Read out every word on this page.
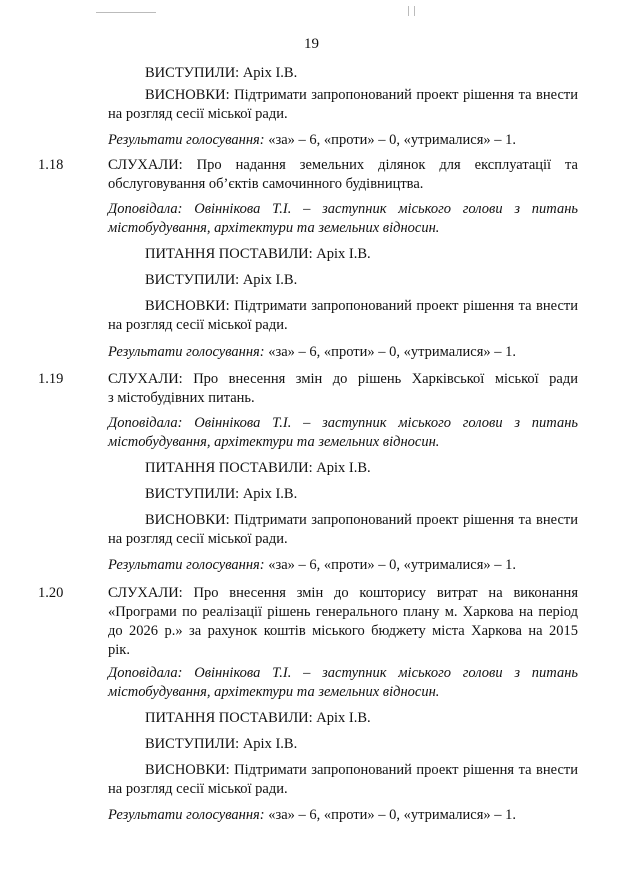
19
ВИСТУПИЛИ: Аріх І.В.
ВИСНОВКИ: Підтримати запропонований проект рішення та внести
на розгляд сесії міської ради.
Результати голосування: «за» – 6, «проти» – 0, «утрималися» – 1.
1.18	СЛУХАЛИ: Про надання земельних ділянок для експлуатації та
обслуговування об’єктів самочинного будівництва.
Доповідала: Овіннікова Т.І. – заступник міського голови з питань
містобудування, архітектури та земельних відносин.
ПИТАННЯ ПОСТАВИЛИ: Аріх І.В.
ВИСТУПИЛИ: Аріх І.В.
ВИСНОВКИ: Підтримати запропонований проект рішення та внести
на розгляд сесії міської ради.
Результати голосування: «за» – 6, «проти» – 0, «утрималися» – 1.
1.19	СЛУХАЛИ: Про внесення змін до рішень Харківської міської ради
з містобудівних питань.
Доповідала: Овіннікова Т.І. – заступник міського голови з питань
містобудування, архітектури та земельних відносин.
ПИТАННЯ ПОСТАВИЛИ: Аріх І.В.
ВИСТУПИЛИ: Аріх І.В.
ВИСНОВКИ: Підтримати запропонований проект рішення та внести
на розгляд сесії міської ради.
Результати голосування: «за» – 6, «проти» – 0, «утрималися» – 1.
1.20	СЛУХАЛИ: Про внесення змін до кошторису витрат на виконання
«Програми по реалізації рішень генерального плану м. Харкова на період
до 2026 р.» за рахунок коштів міського бюджету міста Харкова на 2015
рік.
Доповідала: Овіннікова Т.І. – заступник міського голови з питань
містобудування, архітектури та земельних відносин.
ПИТАННЯ ПОСТАВИЛИ: Аріх І.В.
ВИСТУПИЛИ: Аріх І.В.
ВИСНОВКИ: Підтримати запропонований проект рішення та внести
на розгляд сесії міської ради.
Результати голосування: «за» – 6, «проти» – 0, «утрималися» – 1.
